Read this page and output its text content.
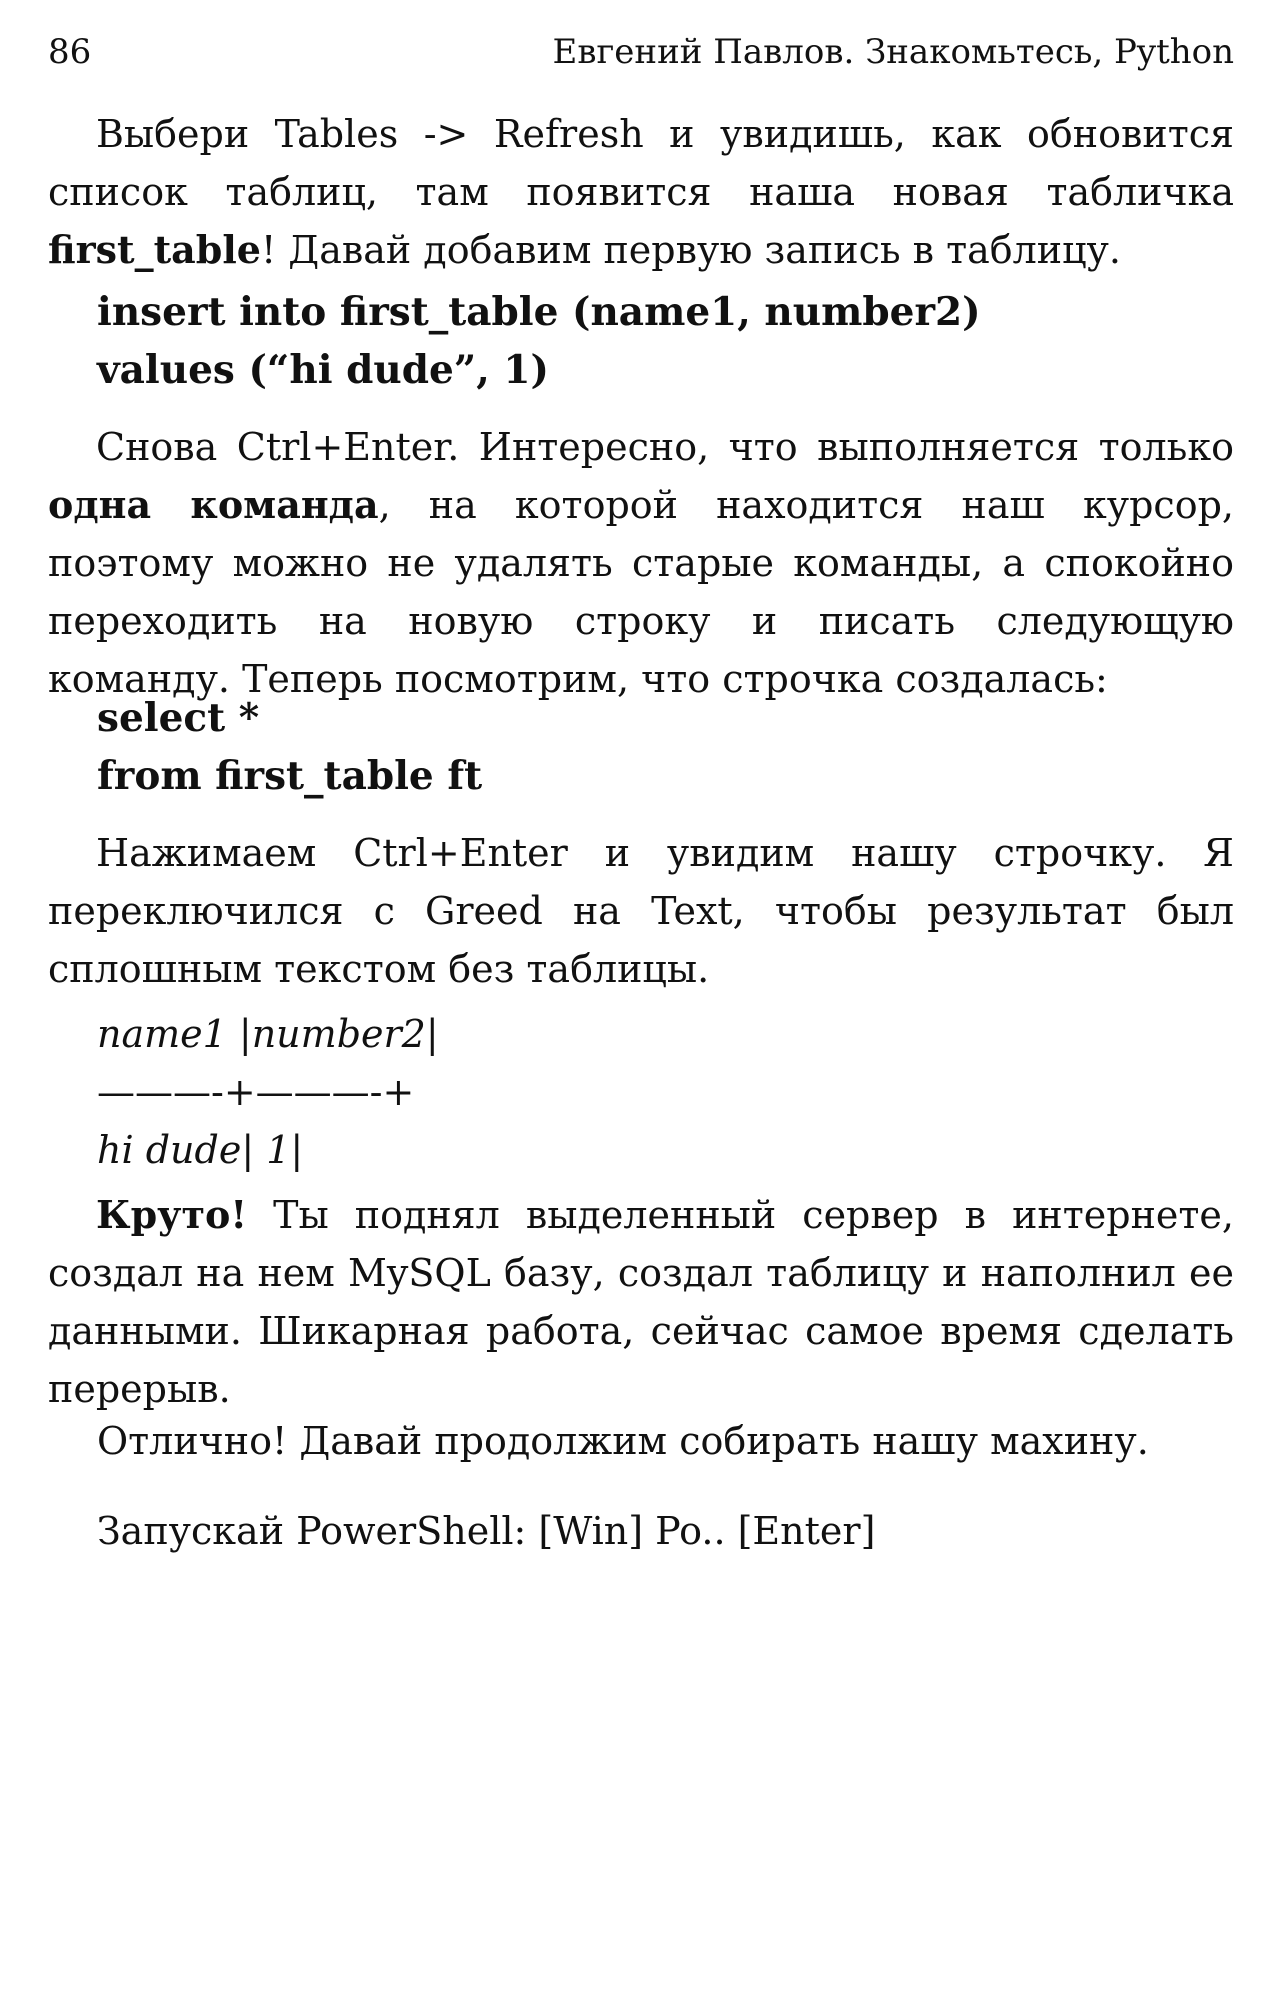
86	Евгений Павлов. Знакомьтесь, Python

Выбери Tables -> Refresh и увидишь, как обновится список таблиц, там появится наша новая табличка first_table! Давай добавим первую запись в таблицу.

insert into first_table (name1, number2)
values (“hi dude”, 1)

Снова Ctrl+Enter. Интересно, что выполняется только одна команда, на которой находится наш курсор, поэтому можно не удалять старые команды, а спокойно переходить на новую строку и писать следующую команду. Теперь посмотрим, что строчка создалась:

select *
from first_table ft

Нажимаем Ctrl+Enter и увидим нашу строчку. Я переключился с Greed на Text, чтобы результат был сплошным текстом без таблицы.

name1 |number2|
———-+———-+
hi dude| 1|

Круто! Ты поднял выделенный сервер в интернете, создал на нем MySQL базу, создал таблицу и наполнил ее данными. Шикарная работа, сейчас самое время сделать перерыв.

Отлично! Давай продолжим собирать нашу махину.
Запускай PowerShell: [Win] Po.. [Enter]
